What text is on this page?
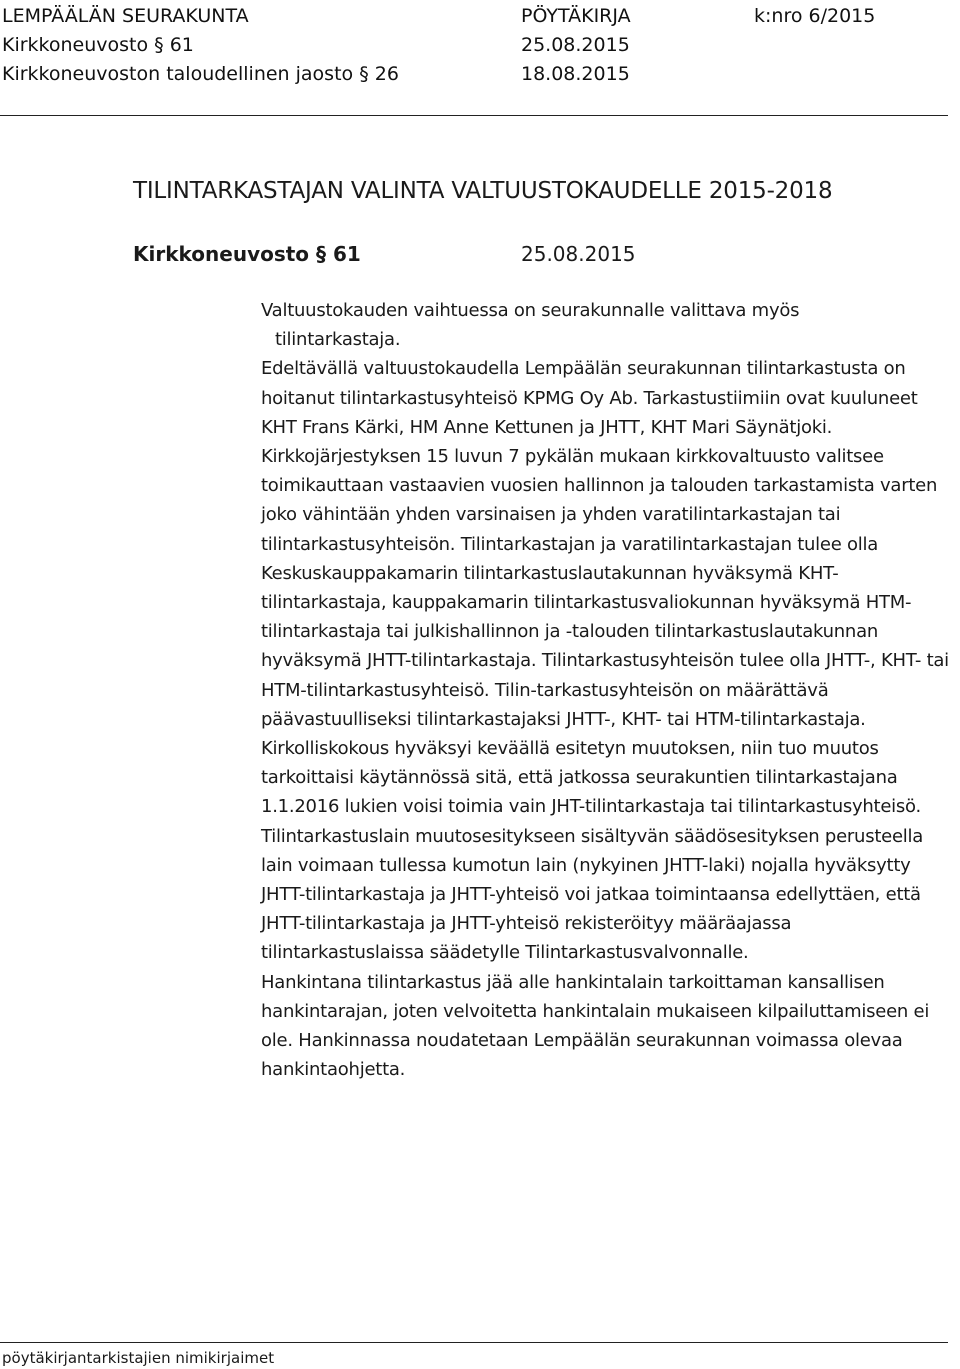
LEMPÄÄLÄN SEURAKUNTA	PÖYTÄKIRJA	k:nro 6/2015
Kirkkoneuvosto § 61	25.08.2015
Kirkkoneuvoston taloudellinen jaosto § 26	18.08.2015
TILINTARKASTAJAN VALINTA VALTUUSTOKAUDELLE 2015-2018
Kirkkoneuvosto § 61	25.08.2015

Valtuustokauden vaihtuessa on seurakunnalle valittava myös

tilintarkastaja.

Edeltävällä valtuustokaudella Lempäälän seurakunnan tilintarkastusta on hoitanut tilintarkastusyhteisö KPMG Oy Ab. Tarkastustiimiin ovat kuuluneet KHT Frans Kärki, HM Anne Kettunen ja JHTT, KHT Mari Säynätjoki.

Kirkkojärjestyksen 15 luvun 7 pykälän mukaan kirkkovaltuusto valitsee toimikauttaan vastaavien vuosien hallinnon ja talouden tarkastamista varten joko vähintään yhden varsinaisen ja yhden varatilintarkastajan tai tilintarkastusyhteisön. Tilintarkastajan ja varatilintarkastajan tulee olla Keskuskauppakamarin tilintarkastuslautakunnan hyväksymä KHT-tilintarkastaja, kauppakamarin tilintarkastusvaliokunnan hyväksymä HTM-tilintarkastaja tai julkishallinnon ja -talouden tilintarkastuslautakunnan hyväksymä JHTT-tilintarkastaja. Tilintarkastusyhteisön tulee olla JHTT-, KHT- tai HTM-tilintarkastusyhteisö. Tilin-tarkastusyhteisön on määrättävä päävastuulliseksi tilintarkastajaksi JHTT-, KHT- tai HTM-tilintarkastaja.

Kirkolliskokous hyväksyi keväällä esitetyn muutoksen, niin tuo muutos tarkoittaisi käytännössä sitä, että jatkossa seurakuntien tilintarkastajana 1.1.2016 lukien voisi toimia vain JHT-tilintarkastaja tai tilintarkastusyhteisö. Tilintarkastuslain muutosesitykseen sisältyvän säädösesityksen perusteella lain voimaan tullessa kumotun lain (nykyinen JHTT-laki) nojalla hyväksytty JHTT-tilintarkastaja ja JHTT-yhteisö voi jatkaa toimintaansa edellyttäen, että JHTT-tilintarkastaja ja JHTT-yhteisö rekisteröityy määräajassa tilintarkastuslaissa säädetylle Tilintarkastusvalvonnalle.

Hankintana tilintarkastus jää alle hankintalain tarkoittaman kansallisen hankintarajan, joten velvoitetta hankintalain mukaiseen kilpailuttamiseen ei ole. Hankinnassa noudatetaan Lempäälän seurakunnan voimassa olevaa hankintaohjetta.

pöytäkirjantarkistajien nimikirjaimet
